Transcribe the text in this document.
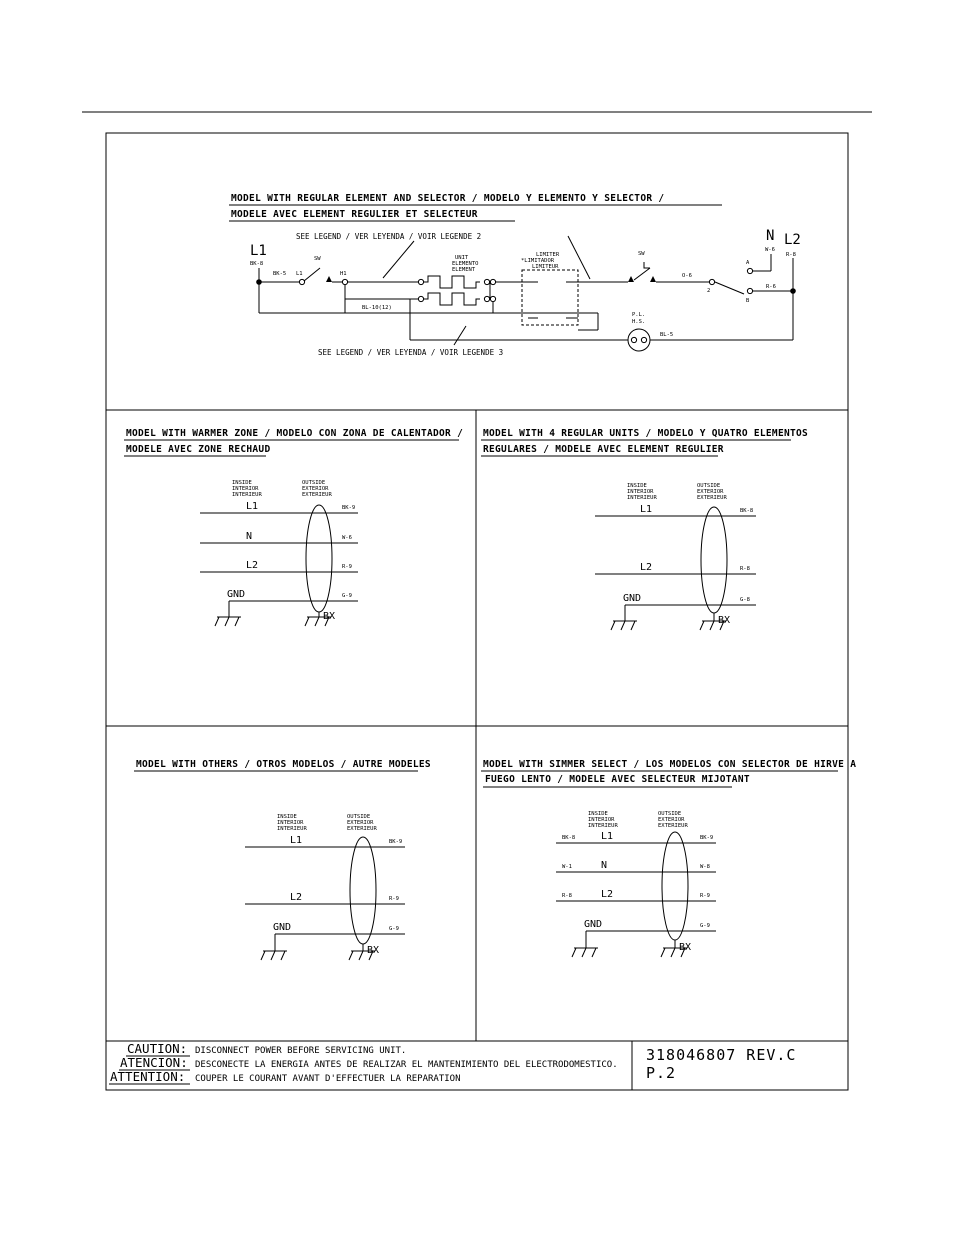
MODEL WITH REGULAR ELEMENT AND SELECTOR / MODELO Y ELEMENTO Y SELECTOR /
MODELE AVEC ELEMENT REGULIER ET SELECTEUR
SEE LEGEND / VER LEYENDA / VOIR LEGENDE 2
SEE LEGEND / VER LEYENDA / VOIR LEGENDE 3
L1
BK-8
L2
N
W-6
R-8
BK-5 L1
SW
H1
BL-10(12)
UNIT
ELEMENTO
ELEMENT
LIMITER
*LIMITADOR
LIMITEUR
SW
O-6
2
A
B
R-6
P.L.
H.S.
BL-5
MODEL WITH WARMER ZONE / MODELO CON ZONA DE CALENTADOR /
MODELE AVEC ZONE RECHAUD
INSIDE
INTERIOR
INTERIEUR
OUTSIDE
EXTERIOR
EXTERIEUR
L1	BK-9
N	W-6
L2	R-9
GND	G-9
BX
MODEL WITH 4 REGULAR UNITS / MODELO Y QUATRO ELEMENTOS
REGULARES / MODELE AVEC ELEMENT REGULIER
INSIDE
INTERIOR
INTERIEUR
OUTSIDE
EXTERIOR
EXTERIEUR
L1	BK-8
L2	R-8
GND	G-8
BX
MODEL WITH OTHERS / OTROS MODELOS / AUTRE MODELES
INSIDE
INTERIOR
INTERIEUR
OUTSIDE
EXTERIOR
EXTERIEUR
L1	BK-9
L2	R-9
GND	G-9
BX
MODEL WITH SIMMER SELECT / LOS MODELOS CON SELECTOR DE HIRVE A
FUEGO LENTO / MODELE AVEC SELECTEUR MIJOTANT
INSIDE
INTERIOR
INTERIEUR
OUTSIDE
EXTERIOR
EXTERIEUR
L1	BK-9
BK-8
N	W-8
W-1
L2	R-9
R-8
GND	G-9
BX
CAUTION: DISCONNECT POWER BEFORE SERVICING UNIT.
ATENCION: DESCONECTE LA ENERGIA ANTES DE REALIZAR EL MANTENIMIENTO DEL ELECTRODOMESTICO.
ATTENTION: COUPER LE COURANT AVANT D'EFFECTUER LA REPARATION
318046807 REV.C
P.2
